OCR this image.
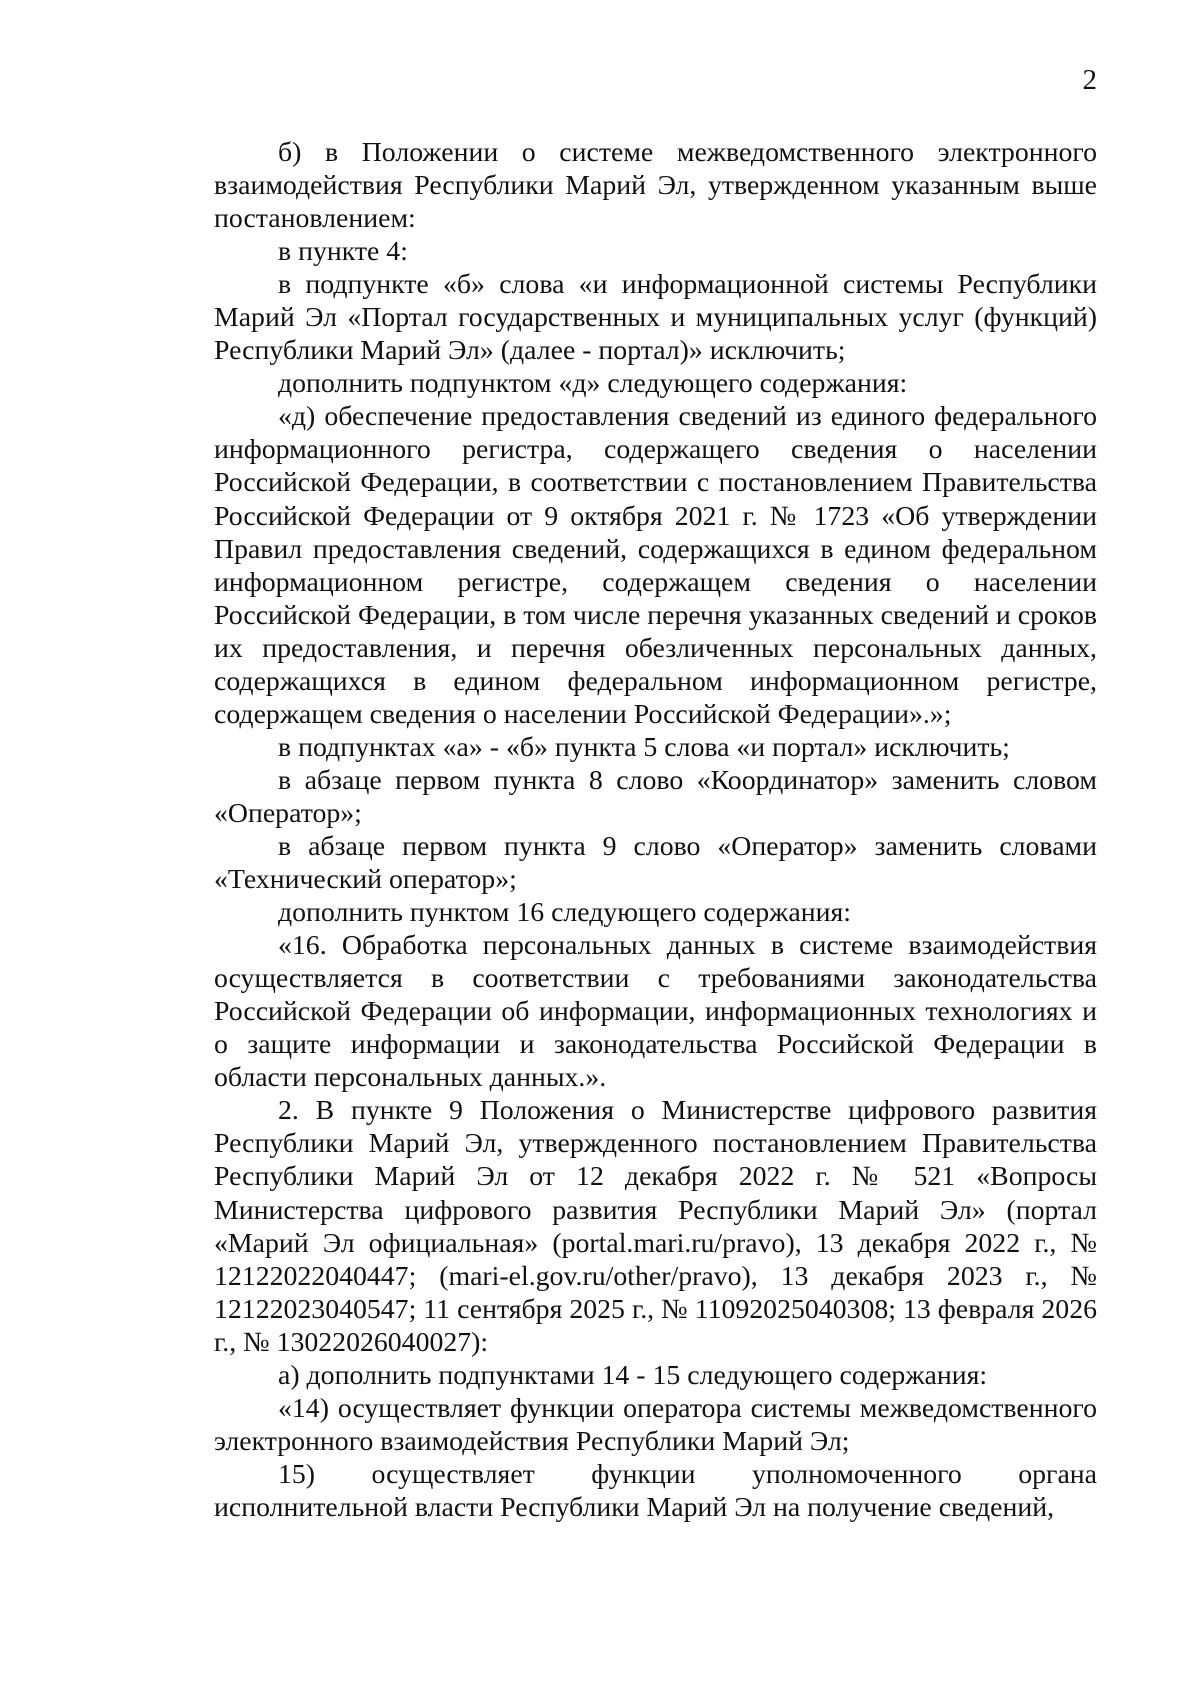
2

б) в Положении о системе межведомственного электронного взаимодействия Республики Марий Эл, утвержденном указанным выше постановлением:

в пункте 4:

в подпункте «б» слова «и информационной системы Республики Марий Эл «Портал государственных и муниципальных услуг (функций) Республики Марий Эл» (далее - портал)» исключить;

дополнить подпунктом «д» следующего содержания:

«д) обеспечение предоставления сведений из единого федерального информационного регистра, содержащего сведения о населении Российской Федерации, в соответствии с постановлением Правительства Российской Федерации от 9 октября 2021 г. № 1723 «Об утверждении Правил предоставления сведений, содержащихся в едином федеральном информационном регистре, содержащем сведения о населении Российской Федерации, в том числе перечня указанных сведений и сроков их предоставления, и перечня обезличенных персональных данных, содержащихся в едином федеральном информационном регистре, содержащем сведения о населении Российской Федерации».»;

в подпунктах «а» - «б» пункта 5 слова «и портал» исключить;

в абзаце первом пункта 8 слово «Координатор» заменить словом «Оператор»;

в абзаце первом пункта 9 слово «Оператор» заменить словами «Технический оператор»;

дополнить пунктом 16 следующего содержания:

«16. Обработка персональных данных в системе взаимодействия осуществляется в соответствии с требованиями законодательства Российской Федерации об информации, информационных технологиях и о защите информации и законодательства Российской Федерации в области персональных данных.».

2. В пункте 9 Положения о Министерстве цифрового развития Республики Марий Эл, утвержденного постановлением Правительства Республики Марий Эл от 12 декабря 2022 г. № 521 «Вопросы Министерства цифрового развития Республики Марий Эл» (портал «Марий Эл официальная» (portal.mari.ru/pravo), 13 декабря 2022 г., № 12122022040447; (mari-el.gov.ru/other/pravo), 13 декабря 2023 г., № 12122023040547; 11 сентября 2025 г., № 11092025040308; 13 февраля 2026 г., № 13022026040027):

а) дополнить подпунктами 14 - 15 следующего содержания:

«14) осуществляет функции оператора системы межведомственного электронного взаимодействия Республики Марий Эл;

15) осуществляет функции уполномоченного органа исполнительной власти Республики Марий Эл на получение сведений,
